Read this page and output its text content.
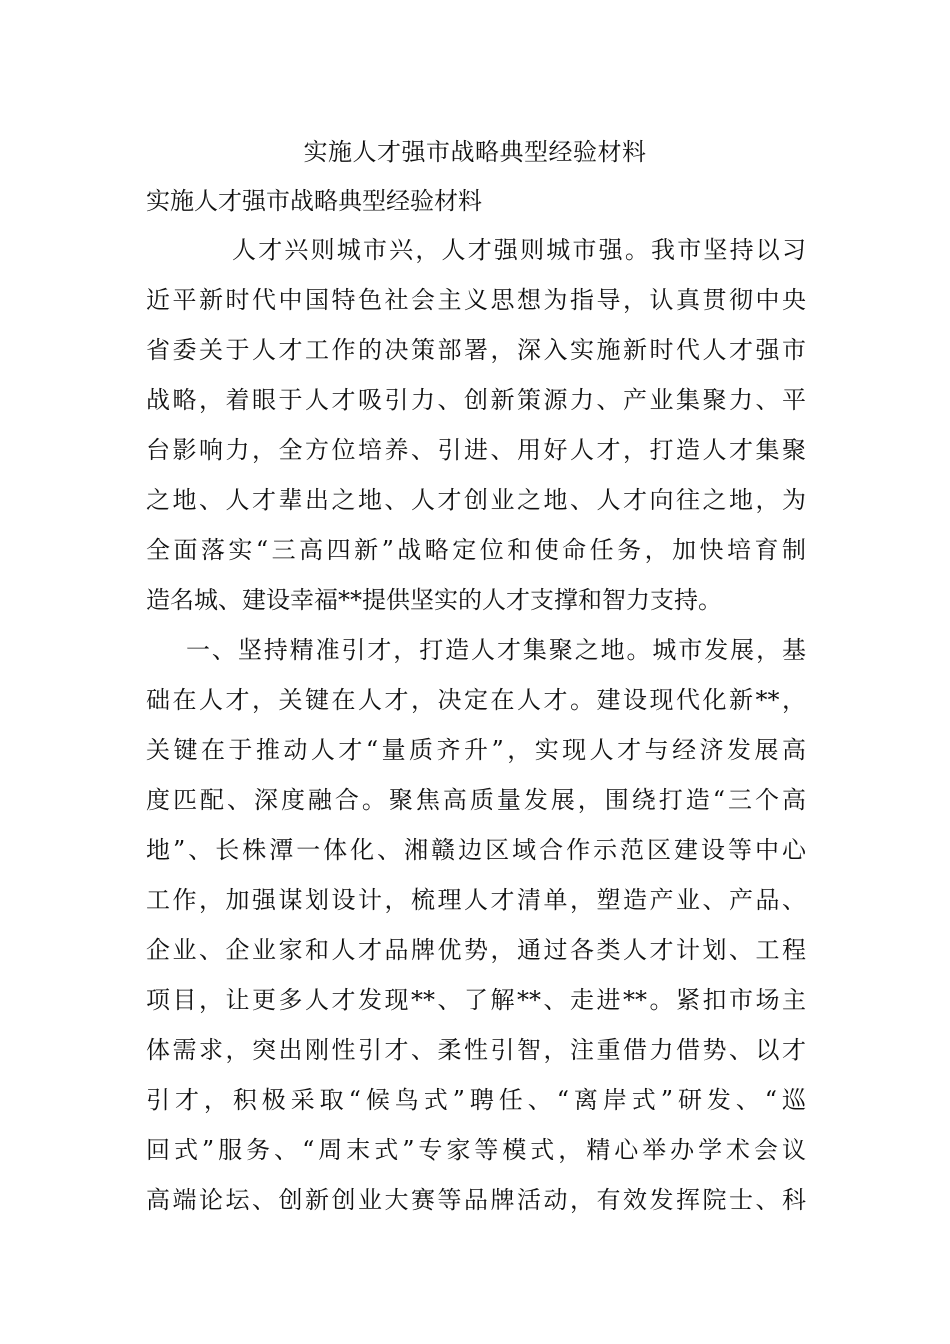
实施人才强市战略典型经验材料
实施人才强市战略典型经验材料
人才兴则城市兴，人才强则城市强。我市坚持以习
近平新时代中国特色社会主义思想为指导，认真贯彻中央
省委关于人才工作的决策部署，深入实施新时代人才强市
战略，着眼于人才吸引力、创新策源力、产业集聚力、平
台影响力，全方位培养、引进、用好人才，打造人才集聚
之地、人才辈出之地、人才创业之地、人才向往之地，为
全面落实“三高四新”战略定位和使命任务，加快培育制
造名城、建设幸福**提供坚实的人才支撑和智力支持。
一、坚持精准引才，打造人才集聚之地。城市发展，基
础在人才，关键在人才，决定在人才。建设现代化新**，
关键在于推动人才“量质齐升”，实现人才与经济发展高
度匹配、深度融合。聚焦高质量发展，围绕打造“三个高
地”、长株潭一体化、湘赣边区域合作示范区建设等中心
工作，加强谋划设计，梳理人才清单，塑造产业、产品、
企业、企业家和人才品牌优势，通过各类人才计划、工程
项目，让更多人才发现**、了解**、走进**。紧扣市场主
体需求，突出刚性引才、柔性引智，注重借力借势、以才
引才，积极采取“候鸟式”聘任、“离岸式”研发、“巡
回式”服务、“周末式”专家等模式，精心举办学术会议
高端论坛、创新创业大赛等品牌活动，有效发挥院士、科
